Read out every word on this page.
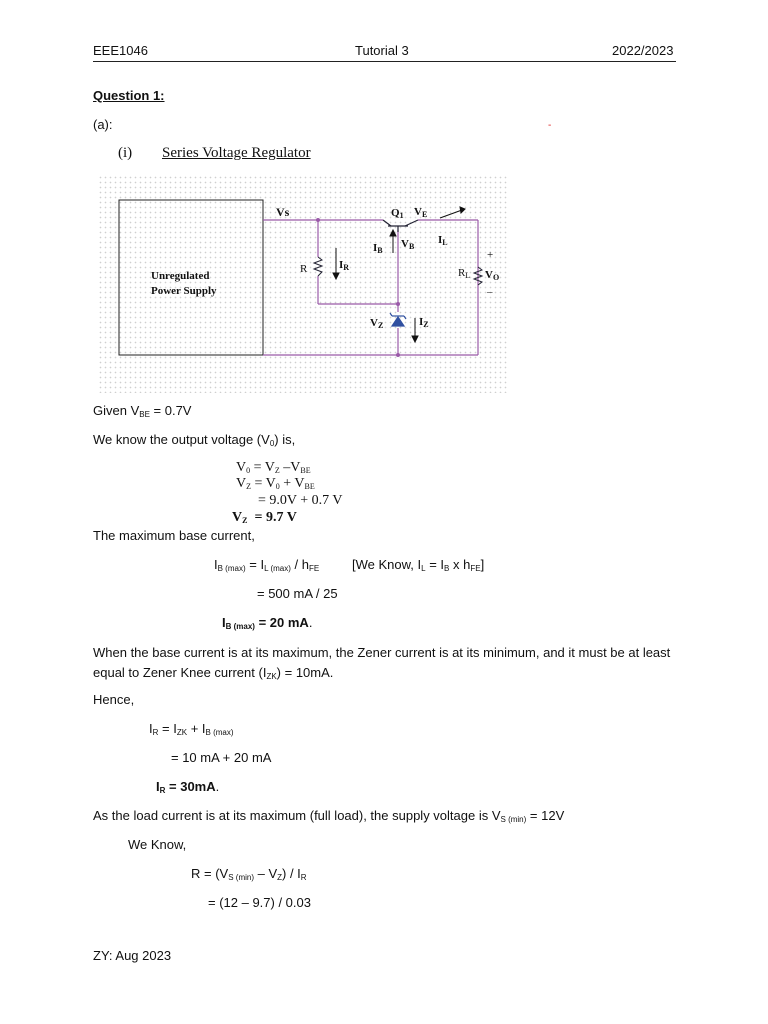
EEE1046	Tutorial 3	2022/2023
Question 1:
(a):	-
(i) Series Voltage Regulator
Vs	$Q_1$ $V_E$
$I_B$
$V_B$
$I_L$
R	$I_R$	$R_L$ $V_O$
+
–
$V_Z$	$I_Z$
Unregulated
Power Supply
Given $V_{BE} = 0.7V$
We know the output voltage $(V_0)$ is,
$V_0 = V_Z$ $-V_{BE}$
$V_Z = V_0 + V_{BE}$
= 9.0V + 0.7 V
$V_Z = 9.7$ V
The maximum base current,
$I_{B (max)} = I_{L (max)} / h_{FE}$	[We Know, $I_L = I_B$ x $h_{FE}$]
= 500 mA / 25
$I_{B (max)} = 20$ mA.
When the base current is at its maximum, the Zener current is at its minimum, and it must be at least equal to Zener Knee current $(I_{ZK}) = 10mA$.
Hence,
$I_R = I_{ZK} + I_{B (max)}$
= 10 mA + 20 mA
$I_R = 30mA$.
As the load current is at its maximum (full load), the supply voltage is $V_{S (min)} = 12V$
We Know,
$R = (V_{S (min)} - V_Z) / I_R$
= (12 – 9.7) / 0.03
ZY: Aug 2023
